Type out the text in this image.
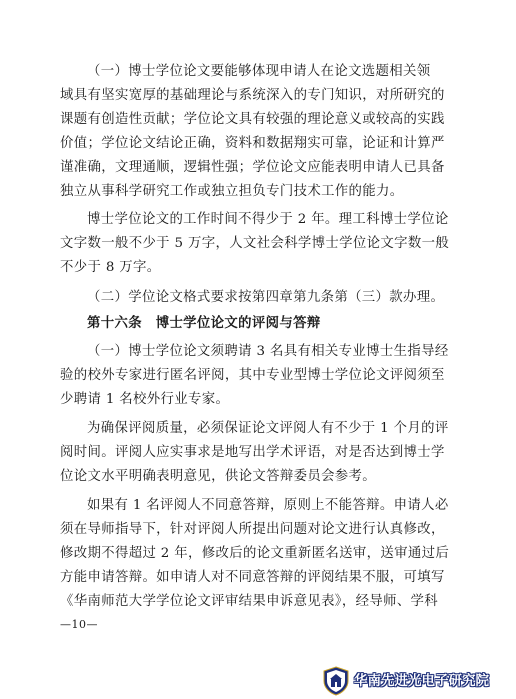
（一）博士学位论文要能够体现申请人在论文选题相关领
域具有坚实宽厚的基础理论与系统深入的专门知识，对所研究的
课题有创造性贡献；学位论文具有较强的理论意义或较高的实践
价值；学位论文结论正确，资料和数据翔实可靠，论证和计算严
谨准确，文理通顺，逻辑性强；学位论文应能表明申请人已具备
独立从事科学研究工作或独立担负专门技术工作的能力。
博士学位论文的工作时间不得少于 2 年。理工科博士学位论
文字数一般不少于 5 万字，人文社会科学博士学位论文字数一般
不少于 8 万字。
（二）学位论文格式要求按第四章第九条第（三）款办理。
第十六条　博士学位论文的评阅与答辩
（一）博士学位论文须聘请 3 名具有相关专业博士生指导经
验的校外专家进行匿名评阅，其中专业型博士学位论文评阅须至
少聘请 1 名校外行业专家。
为确保评阅质量，必须保证论文评阅人有不少于 1 个月的评
阅时间。评阅人应实事求是地写出学术评语，对是否达到博士学
位论文水平明确表明意见，供论文答辩委员会参考。
如果有 1 名评阅人不同意答辩，原则上不能答辩。申请人必
须在导师指导下，针对评阅人所提出问题对论文进行认真修改，
修改期不得超过 2 年，修改后的论文重新匿名送审，送审通过后
方能申请答辩。如申请人对不同意答辩的评阅结果不服，可填写
《华南师范大学学位论文评审结果申诉意见表》，经导师、学科
—10—
华南先进光电子研究院
